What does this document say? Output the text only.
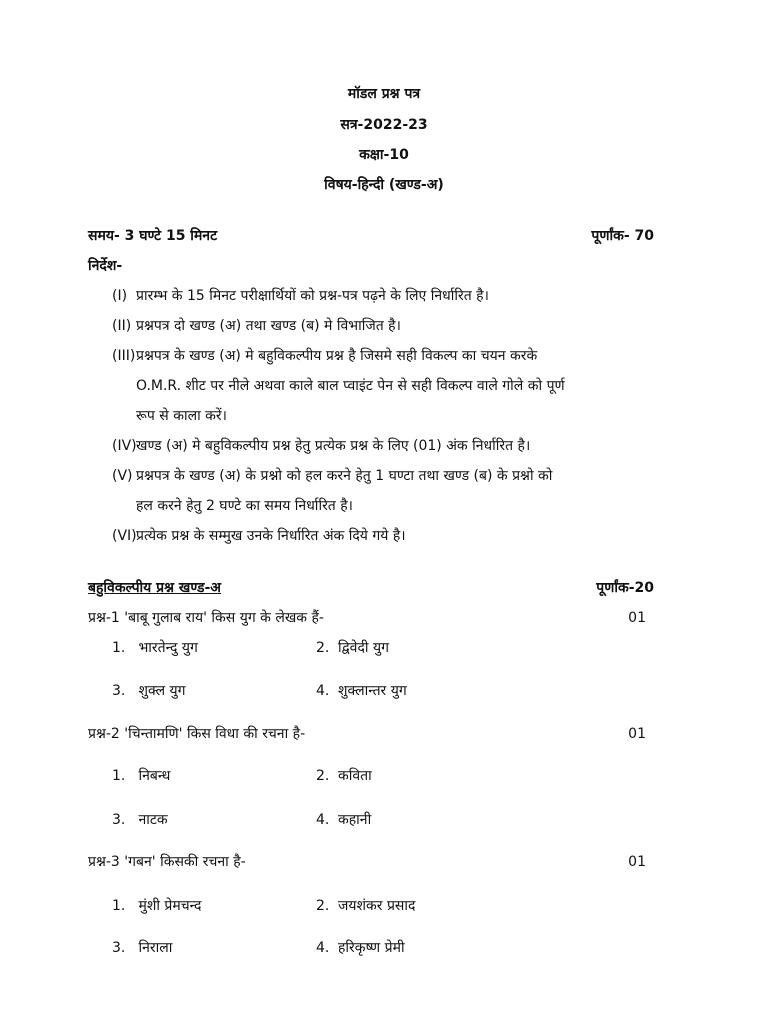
मॉडल प्रश्न पत्र
सत्र-2022-23
कक्षा-10
विषय-हिन्दी (खण्ड-अ)
समय- 3 घण्टे 15 मिनट	पूर्णांक- 70
निर्देश-
(I) प्रारम्भ के 15 मिनट परीक्षार्थियों को प्रश्न-पत्र पढ़ने के लिए निर्धारित है।
(II) प्रश्नपत्र दो खण्ड (अ) तथा खण्ड (ब) मे विभाजित है।
(III)प्रश्नपत्र के खण्ड (अ) मे बहुविकल्पीय प्रश्न है जिसमे सही विकल्प का चयन करके
O.M.R. शीट पर नीले अथवा काले बाल प्वाइंट पेन से सही विकल्प वाले गोले को पूर्ण
रूप से काला करें।
(IV)खण्ड (अ) मे बहुविकल्पीय प्रश्न हेतु प्रत्येक प्रश्न के लिए (01) अंक निर्धारित है।
(V) प्रश्नपत्र के खण्ड (अ) के प्रश्नो को हल करने हेतु 1 घण्टा तथा खण्ड (ब) के प्रश्नो को
हल करने हेतु 2 घण्टे का समय निर्धारित है।
(VI)प्रत्येक प्रश्न के सम्मुख उनके निर्धारित अंक दिये गये है।
बहुविकल्पीय प्रश्न खण्ड-अ	पूर्णांक-20
प्रश्न-1 'बाबू गुलाब राय' किस युग के लेखक हैं-	01
1. भारतेन्दु युग	2. द्विवेदी युग
3. शुक्ल युग	4. शुक्लान्तर युग
प्रश्न-2 'चिन्तामणि' किस विधा की रचना है-	01
1. निबन्ध	2. कविता
3. नाटक	4. कहानी
प्रश्न-3 'गबन' किसकी रचना है-	01
1. मुंशी प्रेमचन्द	2. जयशंकर प्रसाद
3. निराला	4. हरिकृष्ण प्रेमी
